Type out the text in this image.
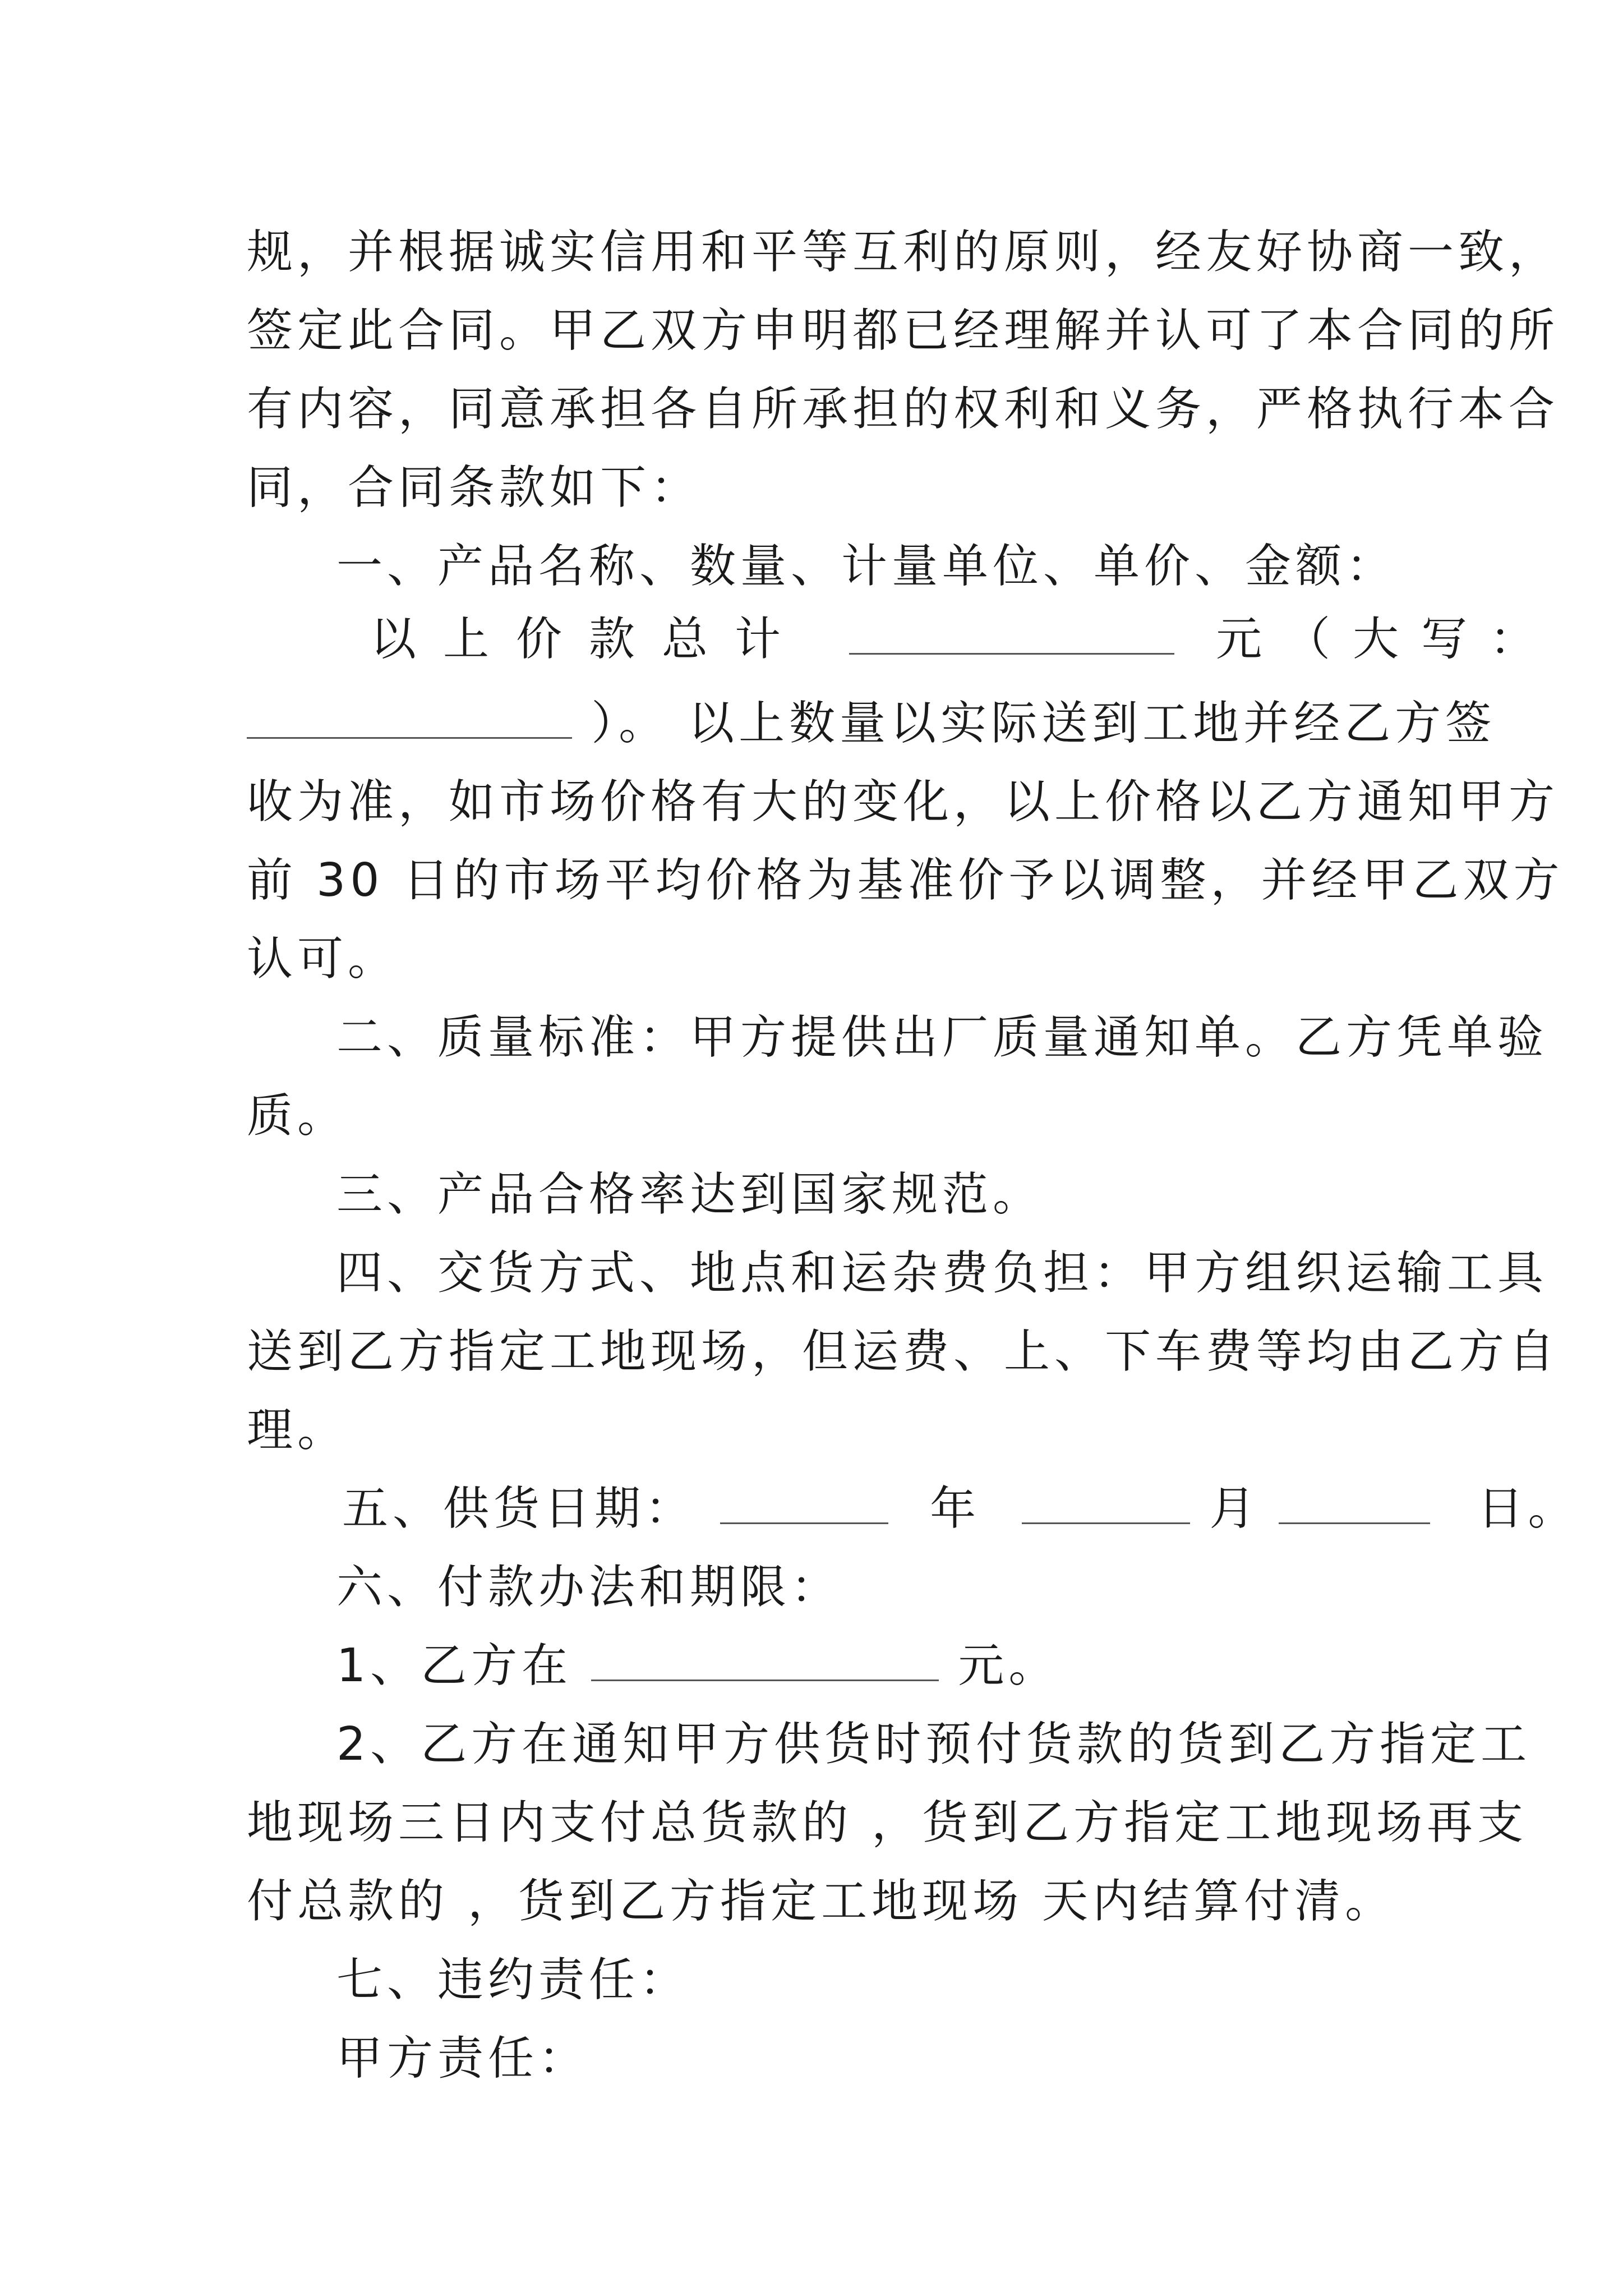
规，并根据诚实信用和平等互利的原则，经友好协商一致，
签定此合同。甲乙双方申明都已经理解并认可了本合同的所
有内容，同意承担各自所承担的权利和义务，严格执行本合
同，合同条款如下：
一、产品名称、数量、计量单位、单价、金额：
以上价款总计	元（大写：
）。 以上数量以实际送到工地并经乙方签
收为准，如市场价格有大的变化，以上价格以乙方通知甲方
前 30 日的市场平均价格为基准价予以调整，并经甲乙双方
认可。
二、质量标准：甲方提供出厂质量通知单。乙方凭单验
质。
三、产品合格率达到国家规范。
四、交货方式、地点和运杂费负担：甲方组织运输工具
送到乙方指定工地现场，但运费、上、下车费等均由乙方自
理。
五、供货日期：	年	月	日。
六、付款办法和期限：
1、乙方在	元。
2、乙方在通知甲方供货时预付货款的货到乙方指定工
地现场三日内支付总货款的 ，货到乙方指定工地现场再支
付总款的 ，货到乙方指定工地现场 天内结算付清。
七、违约责任：
甲方责任：
